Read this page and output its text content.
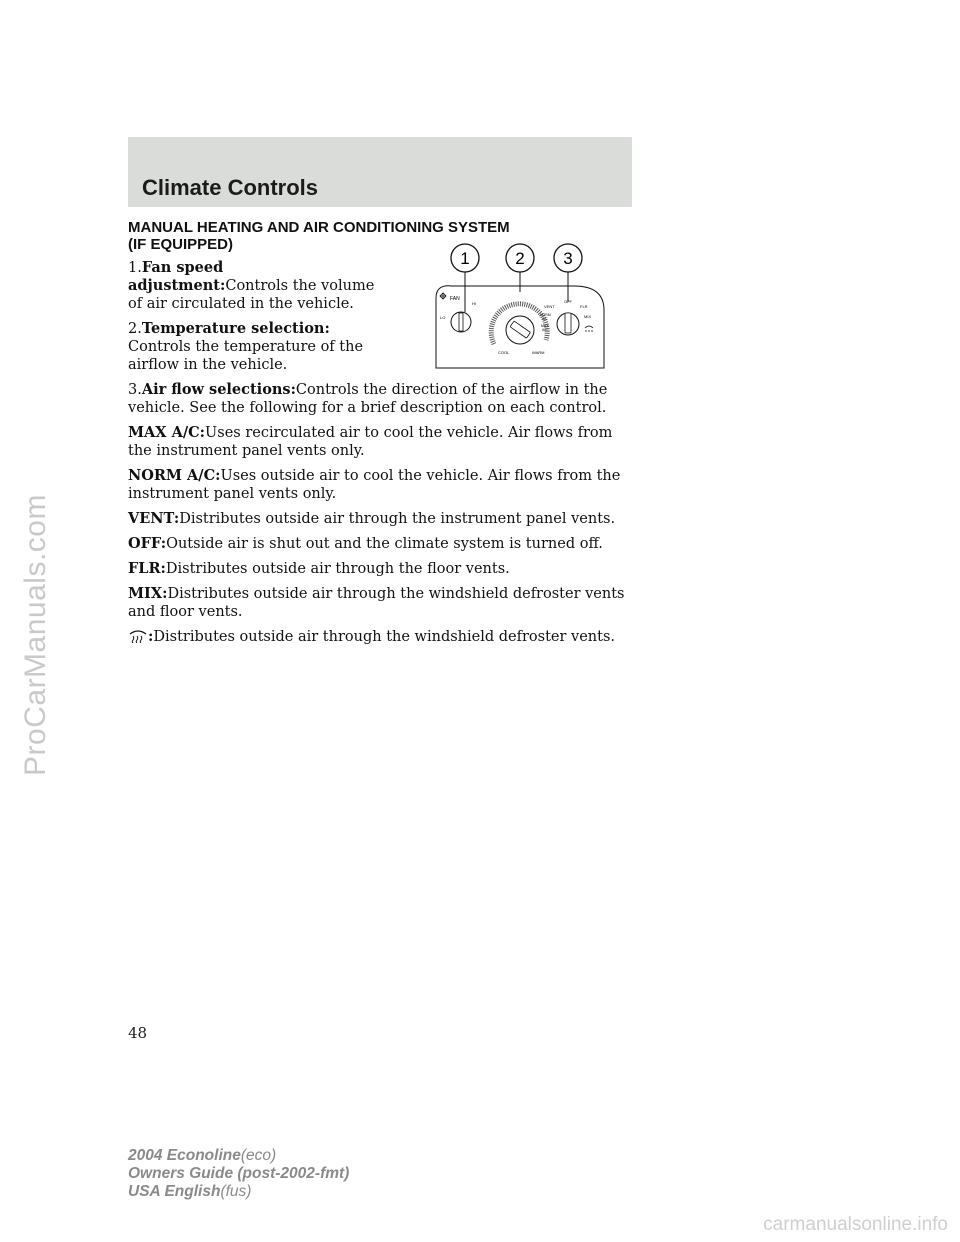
ProCarManuals.com
carmanualsonline.info
Climate Controls
1	2 3
FAN
HI
LO
COOL	WARM
VENT
OFF
FLR
MIX
NORM
A/C
MAX
A/C
MANUAL HEATING AND AIR CONDITIONING SYSTEM
(IF EQUIPPED)

1.Fan speed adjustment:Controls the volume of air circulated in the vehicle.

2.Temperature selection: Controls the temperature of the airflow in the vehicle.

3.Air flow selections:Controls the direction of the airflow in the vehicle. See the following for a brief description on each control.

MAX A/C:Uses recirculated air to cool the vehicle. Air flows from the instrument panel vents only.

NORM A/C:Uses outside air to cool the vehicle. Air flows from the instrument panel vents only.

VENT:Distributes outside air through the instrument panel vents.

OFF:Outside air is shut out and the climate system is turned off.

FLR:Distributes outside air through the floor vents.

MIX:Distributes outside air through the windshield defroster vents and floor vents.

:Distributes outside air through the windshield defroster vents.

48
2004 Econoline(eco)
Owners Guide (post-2002-fmt)
USA English(fus)
